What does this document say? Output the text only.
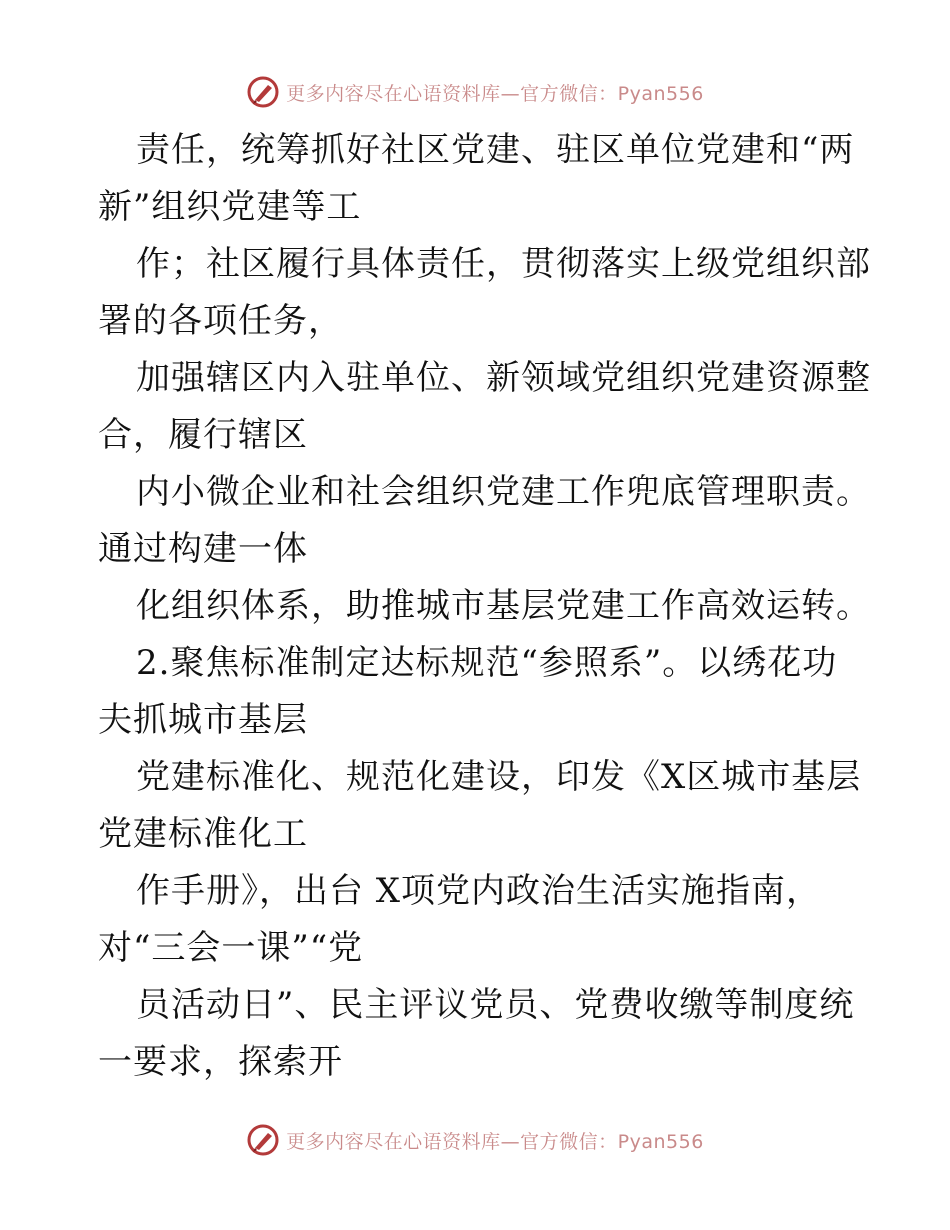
更多内容尽在心语资料库—官方微信：Pyan556
责任，统筹抓好社区党建、驻区单位党建和“两
新”组织党建等工
作；社区履行具体责任，贯彻落实上级党组织部
署的各项任务，
加强辖区内入驻单位、新领域党组织党建资源整
合，履行辖区
内小微企业和社会组织党建工作兜底管理职责。
通过构建一体
化组织体系，助推城市基层党建工作高效运转。
2.聚焦标准制定达标规范“参照系”。以绣花功
夫抓城市基层
党建标准化、规范化建设，印发《X区城市基层
党建标准化工
作手册》，出台 X项党内政治生活实施指南，
对“三会一课”“党
员活动日”、民主评议党员、党费收缴等制度统
一要求，探索开
更多内容尽在心语资料库—官方微信：Pyan556
